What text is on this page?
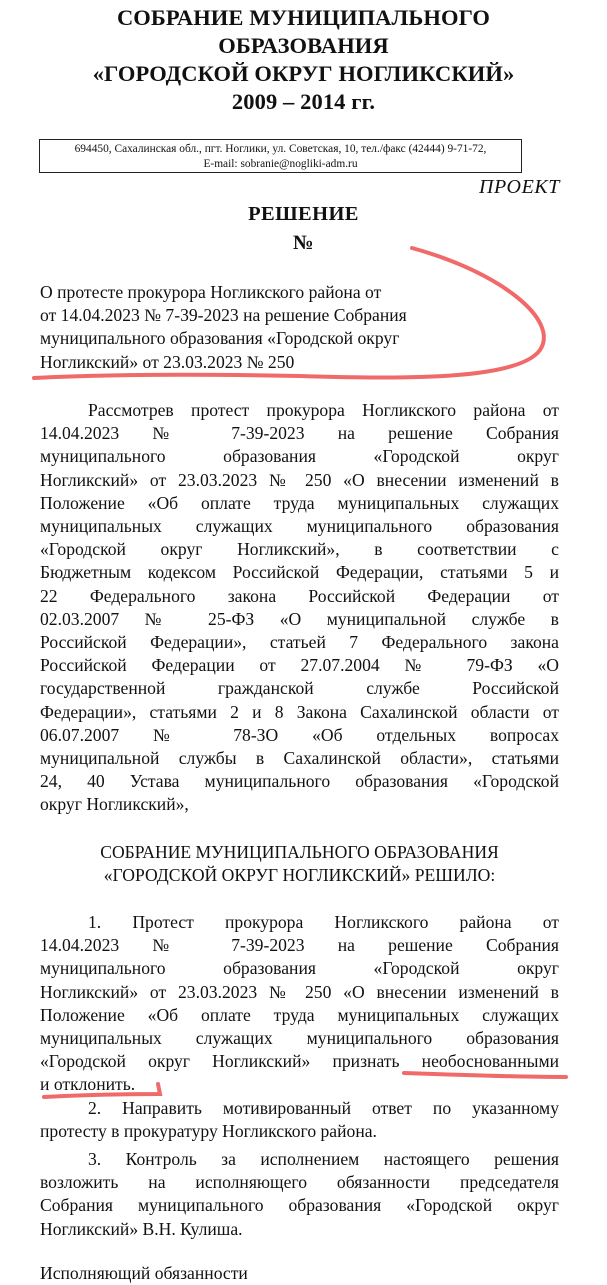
СОБРАНИЕ МУНИЦИПАЛЬНОГО
ОБРАЗОВАНИЯ
«ГОРОДСКОЙ ОКРУГ НОГЛИКСКИЙ»
2009 – 2014 гг.
694450, Сахалинская обл., пгт. Ноглики, ул. Советская, 10, тел./факс (42444) 9-71-72,
E-mail: sobranie@nogliki-adm.ru
ПРОЕКТ
РЕШЕНИЕ
№
О протесте прокурора Ногликского района от
от 14.04.2023 № 7-39-2023 на решение Собрания
муниципального образования «Городской округ
Ногликский» от 23.03.2023 № 250
Рассмотрев протест прокурора Ногликского района от
14.04.2023 № 7-39-2023 на решение Собрания
муниципального образования «Городской округ
Ногликский» от 23.03.2023 № 250 «О внесении изменений в
Положение «Об оплате труда муниципальных служащих
муниципальных служащих муниципального образования
«Городской округ Ногликский», в соответствии с
Бюджетным кодексом Российской Федерации, статьями 5 и
22 Федерального закона Российской Федерации от
02.03.2007 № 25-ФЗ «О муниципальной службе в
Российской Федерации», статьей 7 Федерального закона
Российской Федерации от 27.07.2004 № 79-ФЗ «О
государственной гражданской службе Российской
Федерации», статьями 2 и 8 Закона Сахалинской области от
06.07.2007 № 78-ЗО «Об отдельных вопросах
муниципальной службы в Сахалинской области», статьями
24, 40 Устава муниципального образования «Городской
округ Ногликский»,
СОБРАНИЕ МУНИЦИПАЛЬНОГО ОБРАЗОВАНИЯ
«ГОРОДСКОЙ ОКРУГ НОГЛИКСКИЙ» РЕШИЛО:
1. Протест прокурора Ногликского района от
14.04.2023 № 7-39-2023 на решение Собрания
муниципального образования «Городской округ
Ногликский» от 23.03.2023 № 250 «О внесении изменений в
Положение «Об оплате труда муниципальных служащих
муниципальных служащих муниципального образования
«Городской округ Ногликский» признать необоснованными
и отклонить.
2. Направить мотивированный ответ по указанному
протесту в прокуратуру Ногликского района.
3. Контроль за исполнением настоящего решения
возложить на исполняющего обязанности председателя
Собрания муниципального образования «Городской округ
Ногликский» В.Н. Кулиша.
Исполняющий обязанности
